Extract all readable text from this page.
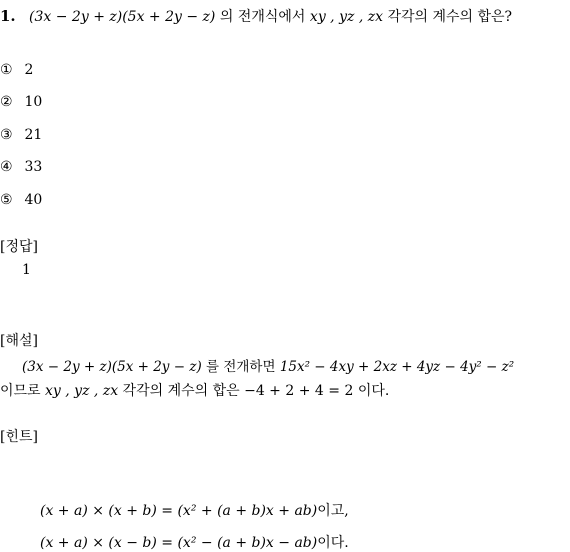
1. (3x − 2y + z)(5x + 2y − z) 의 전개식에서 xy , yz , zx 각각의 계수의 합은?
① 2
② 10
③ 21
④ 33
⑤ 40
[정답]
1
[해설]
(3x − 2y + z)(5x + 2y − z) 를 전개하면 15x² − 4xy + 2xz + 4yz − 4y² − z²
이므로 xy , yz , zx 각각의 계수의 합은 −4 + 2 + 4 = 2 이다.
[힌트]
(x + a) × (x + b) = (x² + (a + b)x + ab)이고,
(x + a) × (x − b) = (x² − (a + b)x − ab)이다.
